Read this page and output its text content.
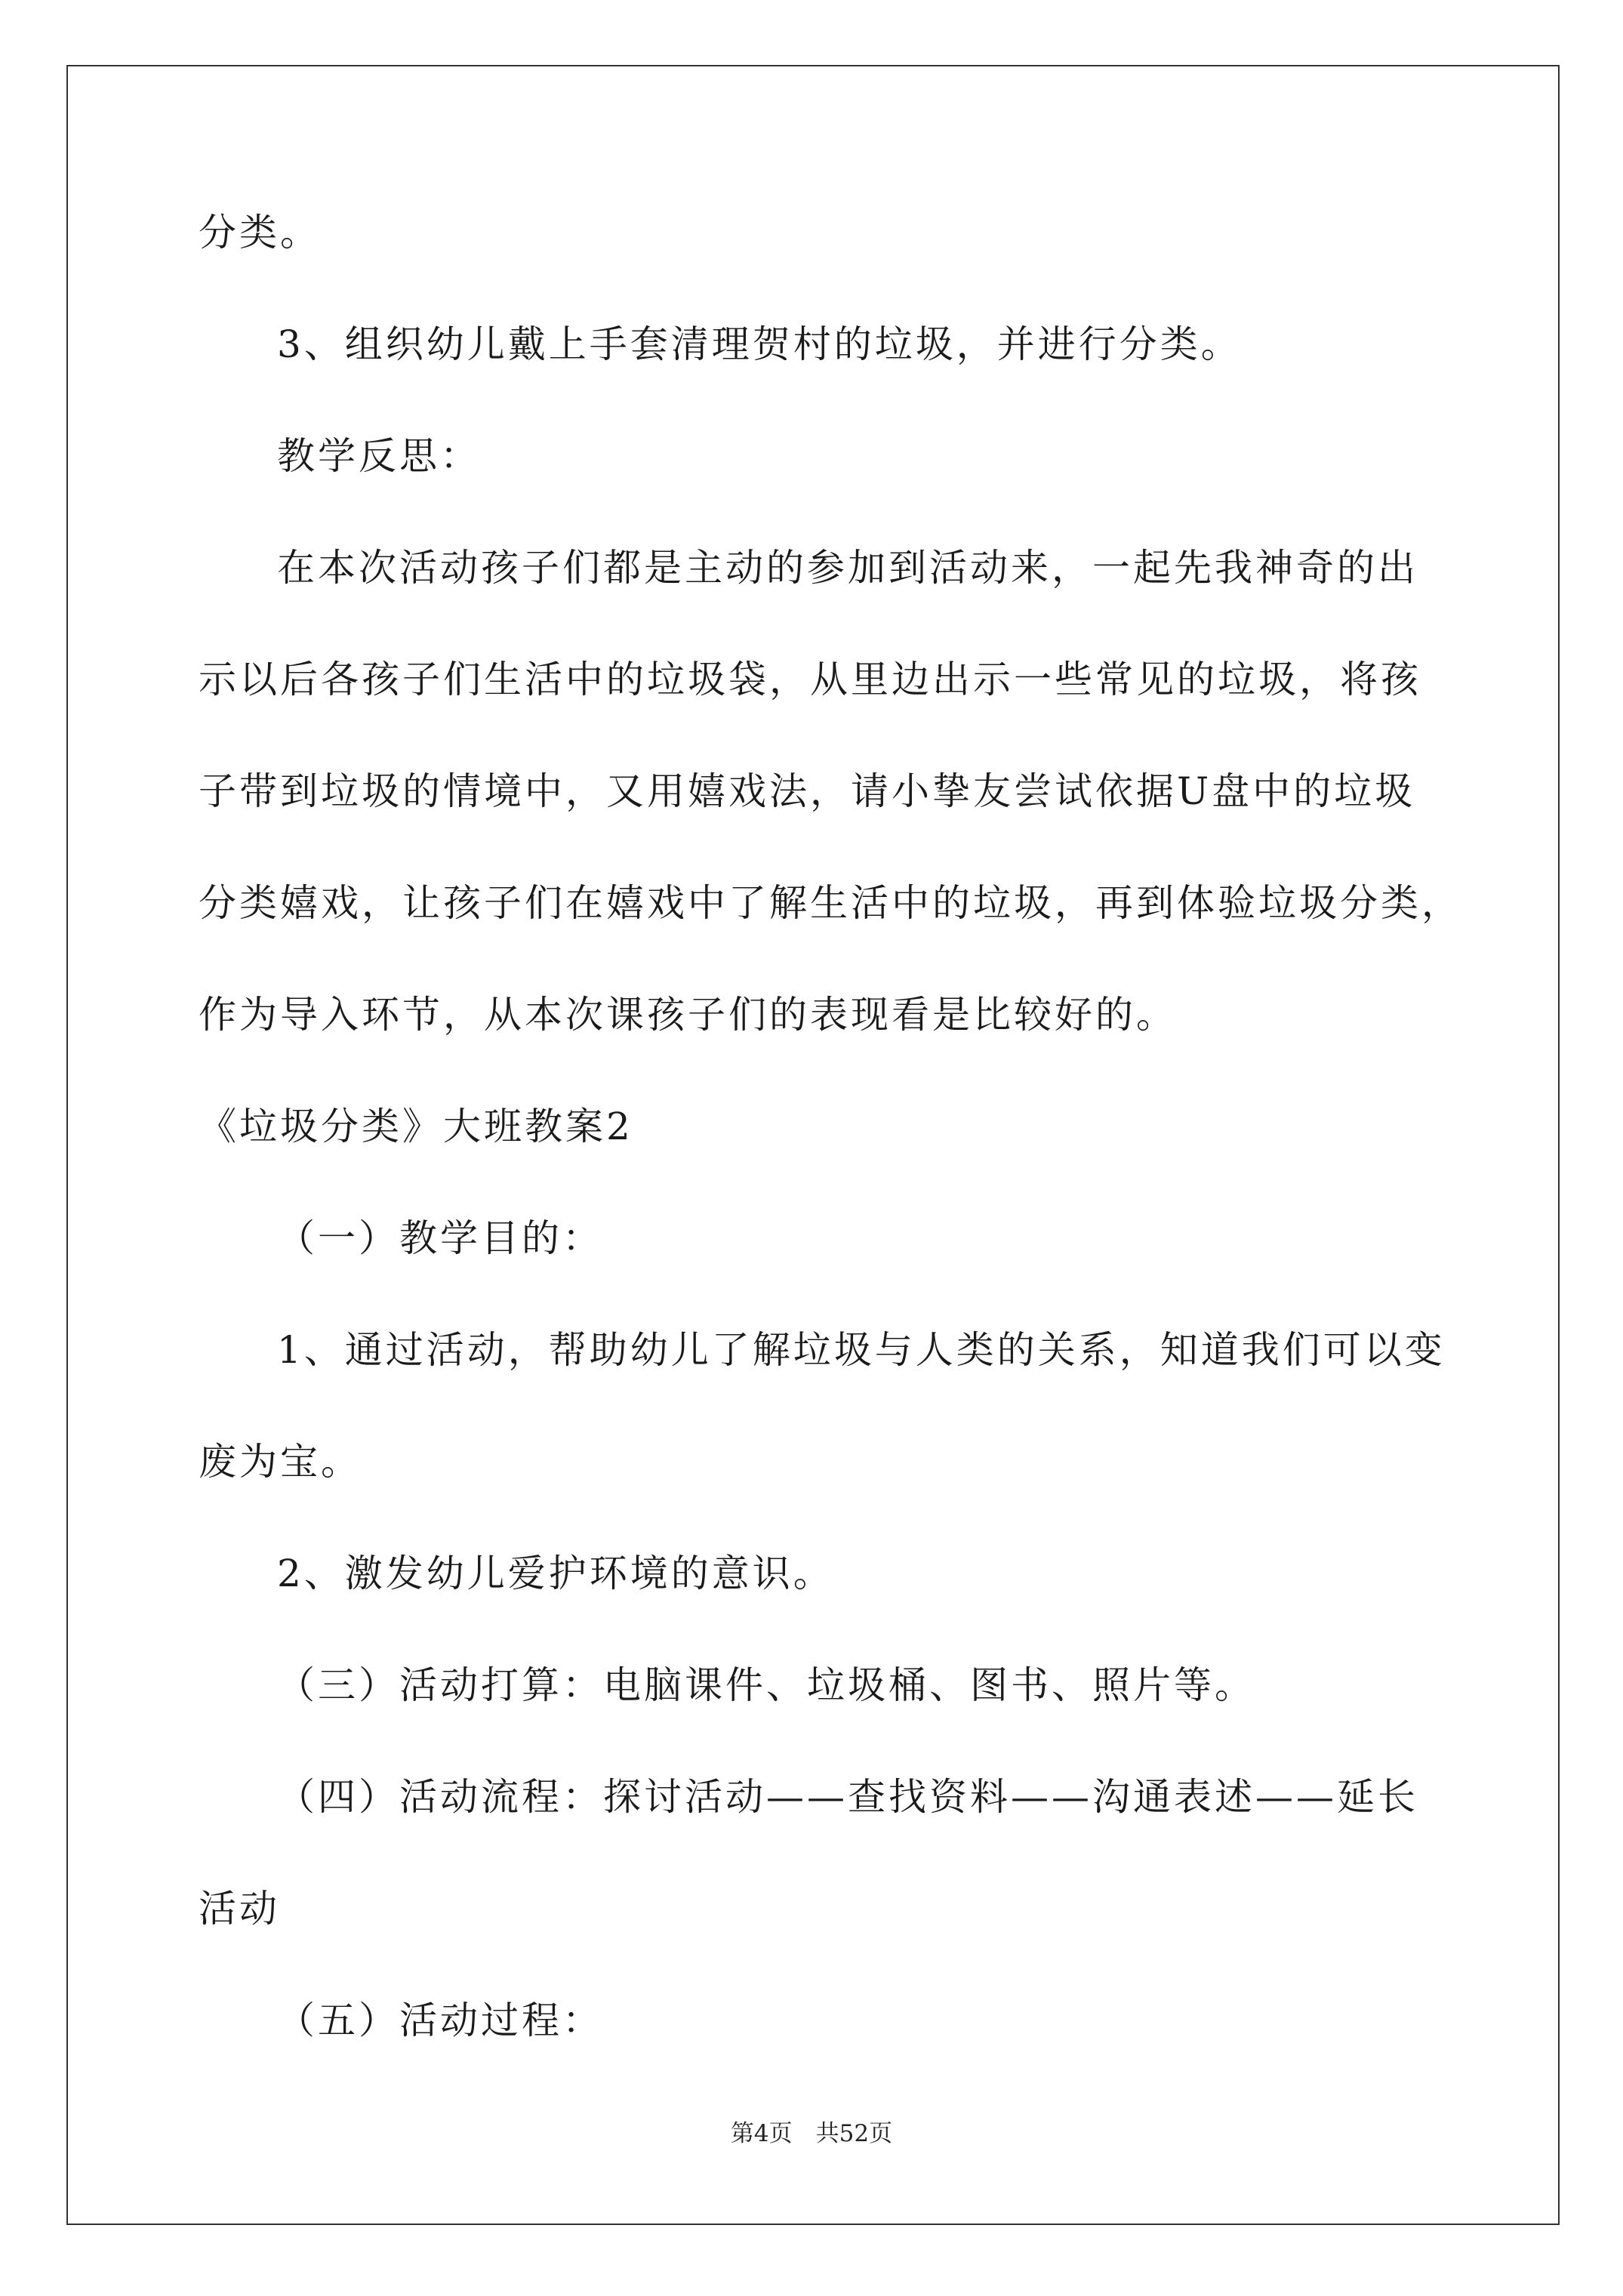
分类。
3、组织幼儿戴上手套清理贺村的垃圾，并进行分类。
教学反思：
在本次活动孩子们都是主动的参加到活动来，一起先我神奇的出
示以后各孩子们生活中的垃圾袋，从里边出示一些常见的垃圾，将孩
子带到垃圾的情境中，又用嬉戏法，请小挚友尝试依据U盘中的垃圾
分类嬉戏，让孩子们在嬉戏中了解生活中的垃圾，再到体验垃圾分类，
作为导入环节，从本次课孩子们的表现看是比较好的。
《垃圾分类》大班教案2
（一）教学目的：
1、通过活动，帮助幼儿了解垃圾与人类的关系，知道我们可以变
废为宝。
2、激发幼儿爱护环境的意识。
（三）活动打算：电脑课件、垃圾桶、图书、照片等。
（四）活动流程：探讨活动——查找资料——沟通表述——延长
活动
（五）活动过程：
第4页　共52页
